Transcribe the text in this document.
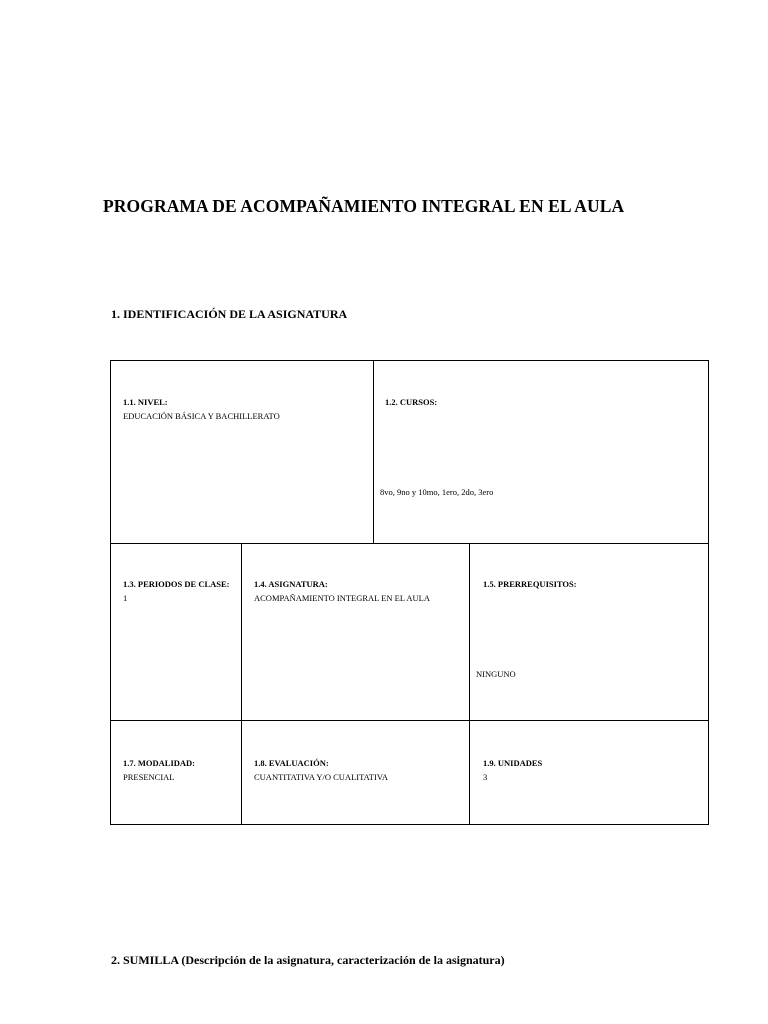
PROGRAMA DE ACOMPAÑAMIENTO INTEGRAL EN EL AULA
1. IDENTIFICACIÓN DE LA ASIGNATURA
1.1. NIVEL:
EDUCACIÓN BÁSICA Y BACHILLERATO
1.2. CURSOS:
8vo, 9no y 10mo, 1ero, 2do, 3ero
1.3. PERIODOS DE CLASE:
1
1.4. ASIGNATURA:
ACOMPAÑAMIENTO INTEGRAL EN EL AULA
1.5. PRERREQUISITOS:
NINGUNO
1.7. MODALIDAD:
PRESENCIAL
1.8. EVALUACIÓN:
CUANTITATIVA Y/O CUALITATIVA
1.9. UNIDADES
3
2. SUMILLA (Descripción de la asignatura, caracterización de la asignatura)
